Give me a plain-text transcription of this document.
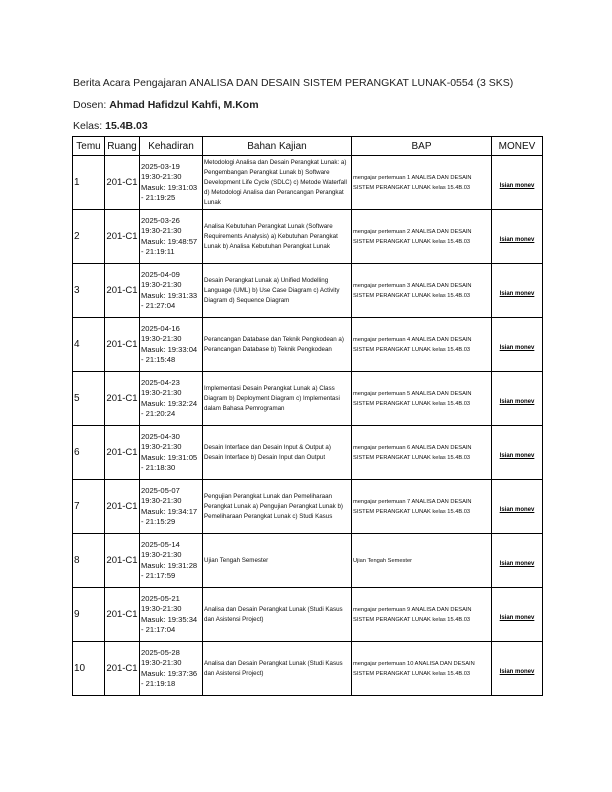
Berita Acara Pengajaran ANALISA DAN DESAIN SISTEM PERANGKAT LUNAK-0554 (3 SKS)
Dosen: Ahmad Hafidzul Kahfi, M.Kom
Kelas: 15.4B.03
Temu	Ruang	Kehadiran	Bahan Kajian	BAP	MONEV
1	201-C1	2025-03-19
19:30-21:30
Masuk: 19:31:03
- 21:19:25	Metodologi Analisa dan Desain Perangkat Lunak: a) Pengembangan Perangkat Lunak b) Software Development Life Cycle (SDLC) c) Metode Waterfall d) Metodologi Analisa dan Perancangan Perangkat Lunak	mengajar pertemuan 1 ANALISA DAN DESAIN SISTEM PERANGKAT LUNAK kelas 15.4B.03	Isian monev
2	201-C1	2025-03-26
19:30-21:30
Masuk: 19:48:57
- 21:19:11	Analisa Kebutuhan Perangkat Lunak (Software Requirements Analysis) a) Kebutuhan Perangkat Lunak b) Analisa Kebutuhan Perangkat Lunak	mengajar pertemuan 2 ANALISA DAN DESAIN SISTEM PERANGKAT LUNAK kelas 15.4B.03	Isian monev
3	201-C1	2025-04-09
19:30-21:30
Masuk: 19:31:33
- 21:27:04	Desain Perangkat Lunak a) Unified Modelling Language (UML) b) Use Case Diagram c) Activity Diagram d) Sequence Diagram	mengajar pertemuan 3 ANALISA DAN DESAIN SISTEM PERANGKAT LUNAK kelas 15.4B.03	Isian monev
4	201-C1	2025-04-16
19:30-21:30
Masuk: 19:33:04
- 21:15:48	Perancangan Database dan Teknik Pengkodean a) Perancangan Database b) Teknik Pengkodean	mengajar pertemuan 4 ANALISA DAN DESAIN SISTEM PERANGKAT LUNAK kelas 15.4B.03	Isian monev
5	201-C1	2025-04-23
19:30-21:30
Masuk: 19:32:24
- 21:20:24	Implementasi Desain Perangkat Lunak a) Class Diagram b) Deployment Diagram c) Implementasi dalam Bahasa Pemrograman	mengajar pertemuan 5 ANALISA DAN DESAIN SISTEM PERANGKAT LUNAK kelas 15.4B.03	Isian monev
6	201-C1	2025-04-30
19:30-21:30
Masuk: 19:31:05
- 21:18:30	Desain Interface dan Desain Input & Output a) Desain Interface b) Desain Input dan Output	mengajar pertemuan 6 ANALISA DAN DESAIN SISTEM PERANGKAT LUNAK kelas 15.4B.03	Isian monev
7	201-C1	2025-05-07
19:30-21:30
Masuk: 19:34:17
- 21:15:29	Pengujian Perangkat Lunak dan Pemeliharaan Perangkat Lunak a) Pengujian Perangkat Lunak b) Pemeliharaan Perangkat Lunak c) Studi Kasus	mengajar pertemuan 7 ANALISA DAN DESAIN SISTEM PERANGKAT LUNAK kelas 15.4B.03	Isian monev
8	201-C1	2025-05-14
19:30-21:30
Masuk: 19:31:28
- 21:17:59	Ujian Tengah Semester	Ujian Tengah Semester	Isian monev
9	201-C1	2025-05-21
19:30-21:30
Masuk: 19:35:34
- 21:17:04	Analisa dan Desain Perangkat Lunak (Studi Kasus dan Asistensi Project)	mengajar pertemuan 9 ANALISA DAN DESAIN SISTEM PERANGKAT LUNAK kelas 15.4B.03	Isian monev
10	201-C1	2025-05-28
19:30-21:30
Masuk: 19:37:36
- 21:19:18	Analisa dan Desain Perangkat Lunak (Studi Kasus dan Asistensi Project)	mengajar pertemuan 10 ANALISA DAN DESAIN SISTEM PERANGKAT LUNAK kelas 15.4B.03	Isian monev
